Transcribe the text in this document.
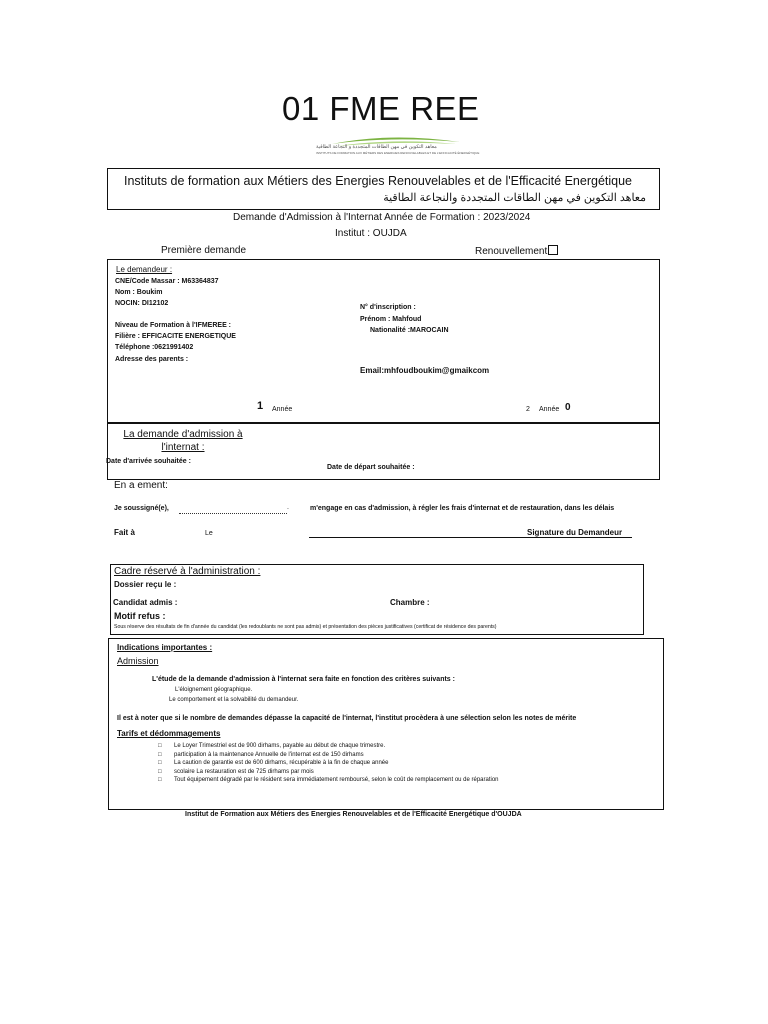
01 FME REE
معاهد التكوين في مهن الطاقات المتجددة و النجاعة الطاقية
INSTITUTS DE FORMATION AUX MÉTIERS DES ENERGIES RENOUVELABLES ET DE L'EFFICACITÉ ÉNERGÉTIQUE
Instituts de formation aux Métiers des Energies Renouvelables et de l'Efficacité Energétique
معاهد التكوين في مهن الطاقات المتجددة والنجاعة الطاقية
Demande d'Admission à l'Internat Année de Formation : 2023/2024
Institut : OUJDA
Première demande	Renouvellement
Le demandeur :
CNE/Code Massar : M63364837
Nom : Boukim
NOCIN: DI12102
Niveau de Formation à l'IFMEREE :
Filière : EFFICACITE ENERGETIQUE
Téléphone :0621991402
Adresse des parents :
N° d'inscription :
Prénom : Mahfoud
Nationalité :MAROCAIN
Email:mhfoudboukim@gmaikcom
1 Année	2 Année 0
La demande d'admission à
l'internat :
Date d'arrivée souhaitée :
Date de départ souhaitée :
En a ement:
Je soussigné(e),	.	m'engage en cas d'admission, à régler les frais d'internat et de restauration, dans les délais
Fait à	Le	Signature du Demandeur
Cadre réservé à l'administration :
Dossier reçu le :
Candidat admis :	Chambre :
Motif refus :
Sous réserve des résultats de fin d'année du candidat (les redoublants ne sont pas admis) et présentation des pièces justificatives (certificat de résidence des parents)
Indications importantes :
Admission
L'étude de la demande d'admission à l'internat sera faite en fonction des critères suivants :
L'éloignement géographique.
Le comportement et la solvabilité du demandeur.
Il est à noter que si le nombre de demandes dépasse la capacité de l'internat, l'institut procèdera à une sélection selon les notes de mérite
Tarifs et dédommagements
□ Le Loyer Trimestriel est de 900 dirhams, payable au début de chaque trimestre.
□ participation à la maintenance Annuelle de l'internat est de 150 dirhams
□ La caution de garantie est de 600 dirhams, récupérable à la fin de chaque année
□ scolaire La restauration est de 725 dirhams par mois
□ Tout équipement dégradé par le résident sera immédiatement remboursé, selon le coût de remplacement ou de réparation
Institut de Formation aux Métiers des Energies Renouvelables et de l'Efficacité Energétique d'OUJDA
